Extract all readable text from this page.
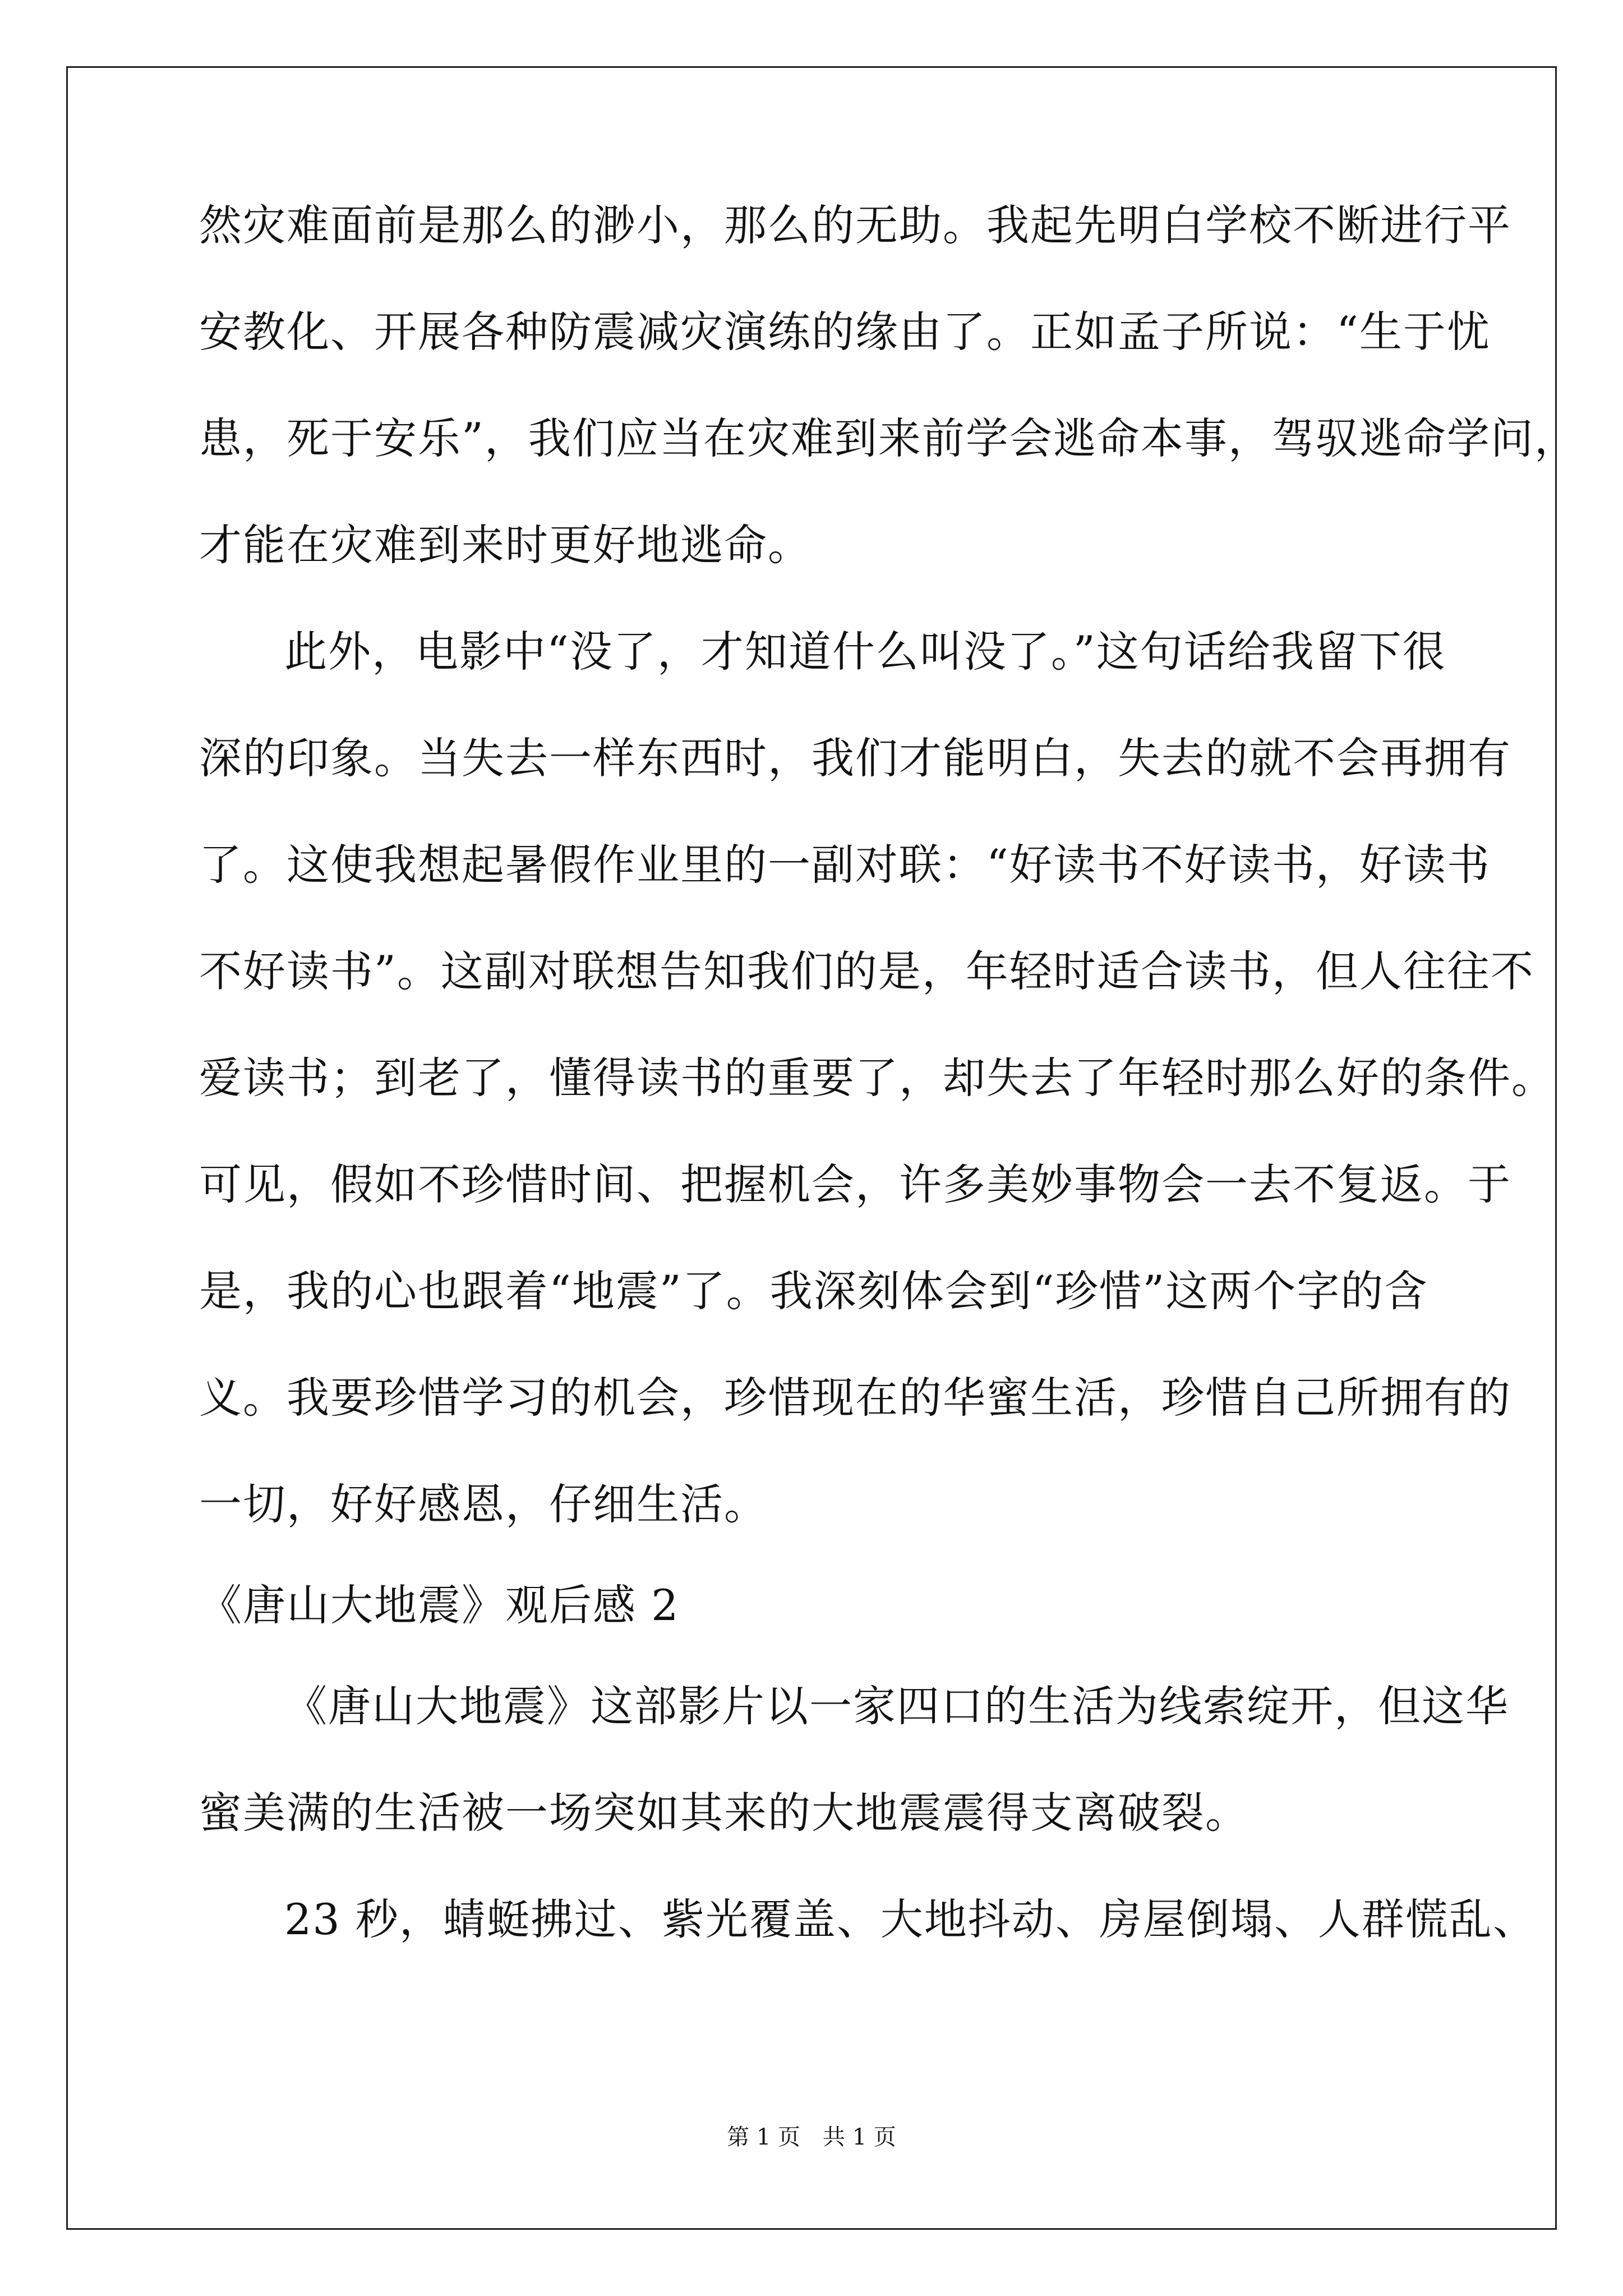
然灾难面前是那么的渺小，那么的无助。我起先明白学校不断进行平
安教化、开展各种防震减灾演练的缘由了。正如孟子所说：“生于忧
患，死于安乐”，我们应当在灾难到来前学会逃命本事，驾驭逃命学问，
才能在灾难到来时更好地逃命。
此外，电影中“没了，才知道什么叫没了。”这句话给我留下很
深的印象。当失去一样东西时，我们才能明白，失去的就不会再拥有
了。这使我想起暑假作业里的一副对联：“好读书不好读书，好读书
不好读书”。这副对联想告知我们的是，年轻时适合读书，但人往往不
爱读书；到老了，懂得读书的重要了，却失去了年轻时那么好的条件。
可见，假如不珍惜时间、把握机会，许多美妙事物会一去不复返。于
是，我的心也跟着“地震”了。我深刻体会到“珍惜”这两个字的含
义。我要珍惜学习的机会，珍惜现在的华蜜生活，珍惜自己所拥有的
一切，好好感恩，仔细生活。
《唐山大地震》观后感 2
《唐山大地震》这部影片以一家四口的生活为线索绽开，但这华
蜜美满的生活被一场突如其来的大地震震得支离破裂。
23 秒，蜻蜓拂过、紫光覆盖、大地抖动、房屋倒塌、人群慌乱、
第 1 页　共 1 页
